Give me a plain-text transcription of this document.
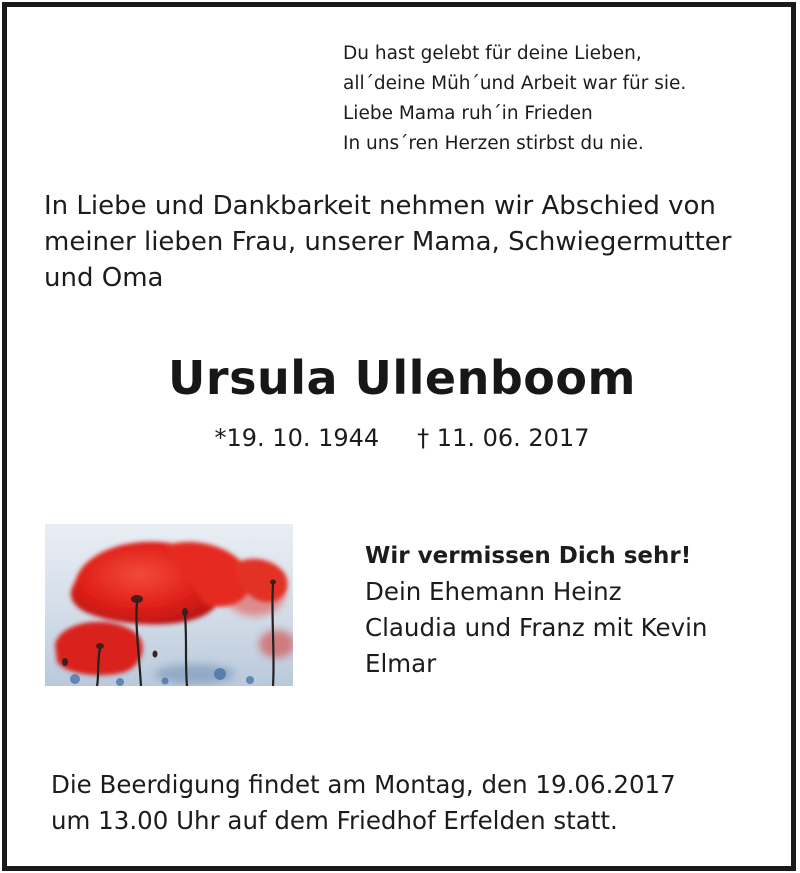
Du hast gelebt für deine Lieben,
all´deine Müh´und Arbeit war für sie.
Liebe Mama ruh´in Frieden
In uns´ren Herzen stirbst du nie.
In Liebe und Dankbarkeit nehmen wir Abschied von
meiner lieben Frau, unserer Mama, Schwiegermutter
und Oma
Ursula Ullenboom
*19. 10. 1944 † 11. 06. 2017
Wir vermissen Dich sehr!
Dein Ehemann Heinz
Claudia und Franz mit Kevin
Elmar
Die Beerdigung findet am Montag, den 19.06.2017
um 13.00 Uhr auf dem Friedhof Erfelden statt.
